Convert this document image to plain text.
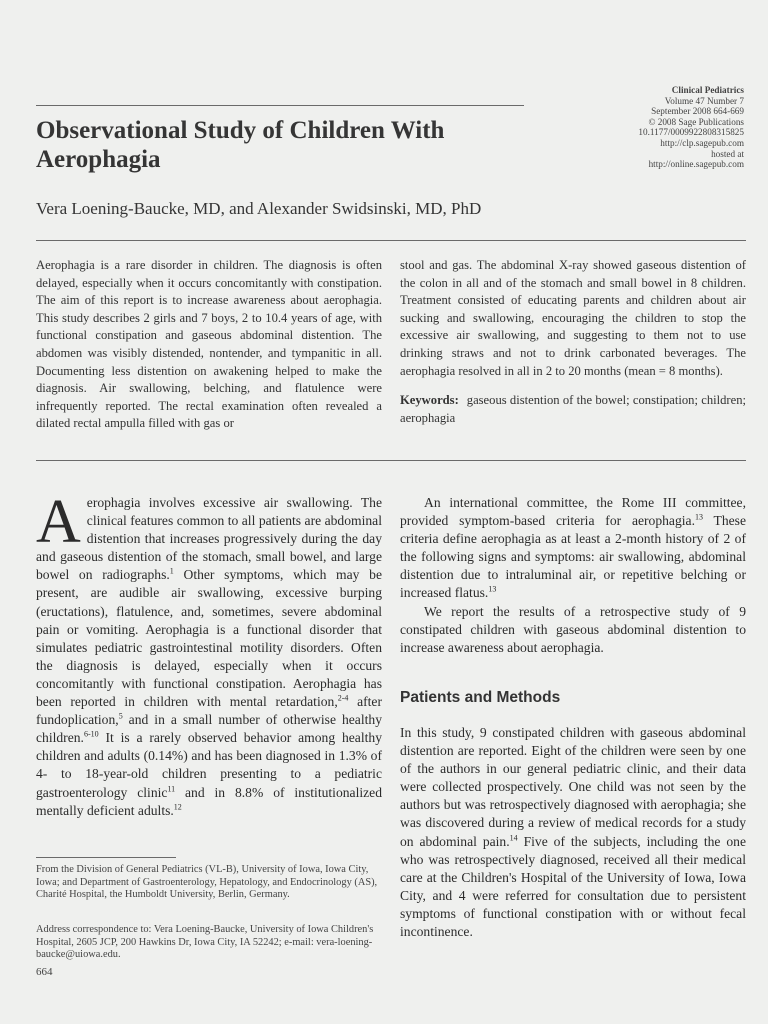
Clinical Pediatrics
Volume 47 Number 7
September 2008 664-669
© 2008 Sage Publications
10.1177/0009922808315825
http://clp.sagepub.com
hosted at
http://online.sagepub.com
Observational Study of Children With Aerophagia
Vera Loening-Baucke, MD, and Alexander Swidsinski, MD, PhD
Aerophagia is a rare disorder in children. The diagnosis is often delayed, especially when it occurs concomitantly with constipation. The aim of this report is to increase awareness about aerophagia. This study describes 2 girls and 7 boys, 2 to 10.4 years of age, with functional constipation and gaseous abdominal distention. The abdomen was visibly distended, nontender, and tympanitic in all. Documenting less distention on awakening helped to make the diagnosis. Air swallowing, belching, and flatulence were infrequently reported. The rectal examination often revealed a dilated rectal ampulla filled with gas or
stool and gas. The abdominal X-ray showed gaseous distention of the colon in all and of the stomach and small bowel in 8 children. Treatment consisted of educating parents and children about air sucking and swallowing, encouraging the children to stop the excessive air swallowing, and suggesting to them not to use drinking straws and not to drink carbonated beverages. The aerophagia resolved in all in 2 to 20 months (mean = 8 months).
Keywords: gaseous distention of the bowel; constipation; children; aerophagia

Aerophagia involves excessive air swallowing. The clinical features common to all patients are abdominal distention that increases progressively during the day and gaseous distention of the stomach, small bowel, and large bowel on radiographs.$^1$ Other symptoms, which may be present, are audible air swallowing, excessive burping (eructations), flatulence, and, sometimes, severe abdominal pain or vomiting. Aerophagia is a functional disorder that simulates pediatric gastrointestinal motility disorders. Often the diagnosis is delayed, especially when it occurs concomitantly with functional constipation. Aerophagia has been reported in children with mental retardation,$^{2-4}$ after fundoplication,$^5$ and in a small number of otherwise healthy children.$^{6-10}$ It is a rarely observed behavior among healthy children and adults (0.14%) and has been diagnosed in 1.3% of 4- to 18-year-old children presenting to a pediatric gastroenterology clinic$^{11}$ and in 8.8% of institutionalized mentally deficient adults.$^{12}$

An international committee, the Rome III committee, provided symptom-based criteria for aerophagia.$^{13}$ These criteria define aerophagia as at least a 2-month history of 2 of the following signs and symptoms: air swallowing, abdominal distention due to intraluminal air, or repetitive belching or increased flatus.$^{13}$

We report the results of a retrospective study of 9 constipated children with gaseous abdominal distention to increase awareness about aerophagia.

Patients and Methods

In this study, 9 constipated children with gaseous abdominal distention are reported. Eight of the children were seen by one of the authors in our general pediatric clinic, and their data were collected prospectively. One child was not seen by the authors but was retrospectively diagnosed with aerophagia; she was discovered during a review of medical records for a study on abdominal pain.$^{14}$ Five of the subjects, including the one who was retrospectively diagnosed, received all their medical care at the Children's Hospital of the University of Iowa, Iowa City, and 4 were referred for consultation due to persistent symptoms of functional constipation with or without fecal incontinence.

From the Division of General Pediatrics (VL-B), University of Iowa, Iowa City, Iowa; and Department of Gastroenterology, Hepatology, and Endocrinology (AS), Charité Hospital, the Humboldt University, Berlin, Germany.
Address correspondence to: Vera Loening-Baucke, University of Iowa Children's Hospital, 2605 JCP, 200 Hawkins Dr, Iowa City, IA 52242; e-mail: vera-loening-baucke@uiowa.edu.
664
